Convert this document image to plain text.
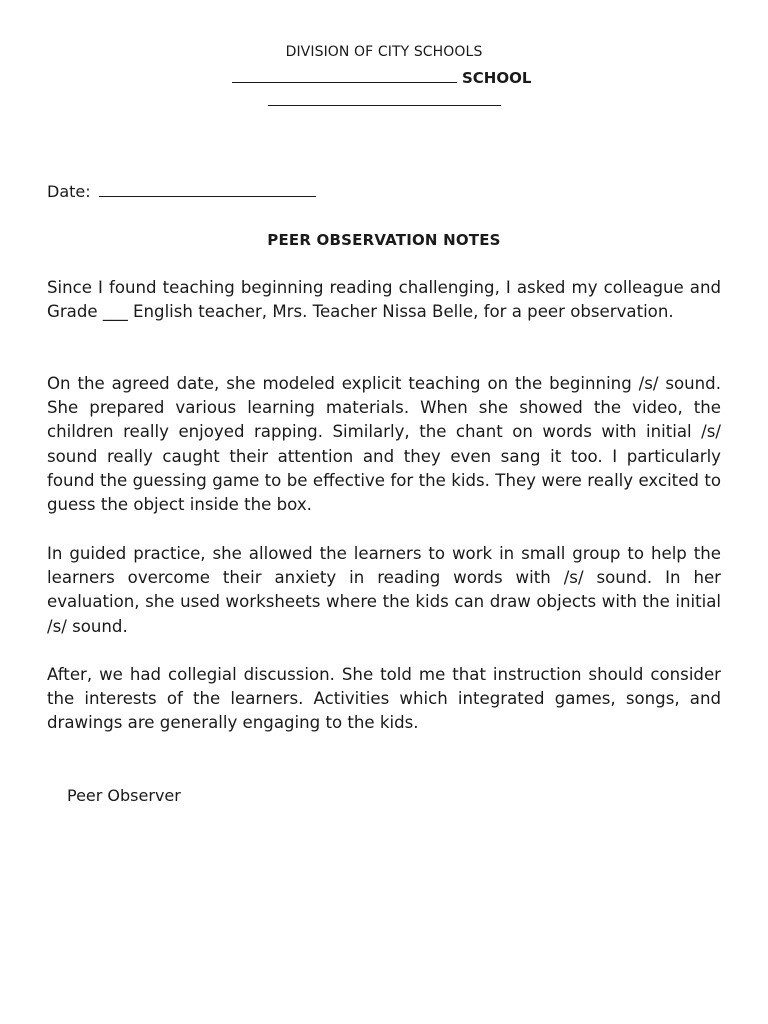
DIVISION OF CITY SCHOOLS
SCHOOL
Date:
PEER OBSERVATION NOTES

Since I found teaching beginning reading challenging, I asked my colleague and Grade ___ English teacher, Mrs. Teacher Nissa Belle, for a peer observation.

On the agreed date, she modeled explicit teaching on the beginning /s/ sound. She prepared various learning materials. When she showed the video, the children really enjoyed rapping. Similarly, the chant on words with initial /s/ sound really caught their attention and they even sang it too. I particularly found the guessing game to be effective for the kids. They were really excited to guess the object inside the box.

In guided practice, she allowed the learners to work in small group to help the learners overcome their anxiety in reading words with /s/ sound. In her evaluation, she used worksheets where the kids can draw objects with the initial /s/ sound.

After, we had collegial discussion. She told me that instruction should consider the interests of the learners. Activities which integrated games, songs, and drawings are generally engaging to the kids.

Peer Observer
